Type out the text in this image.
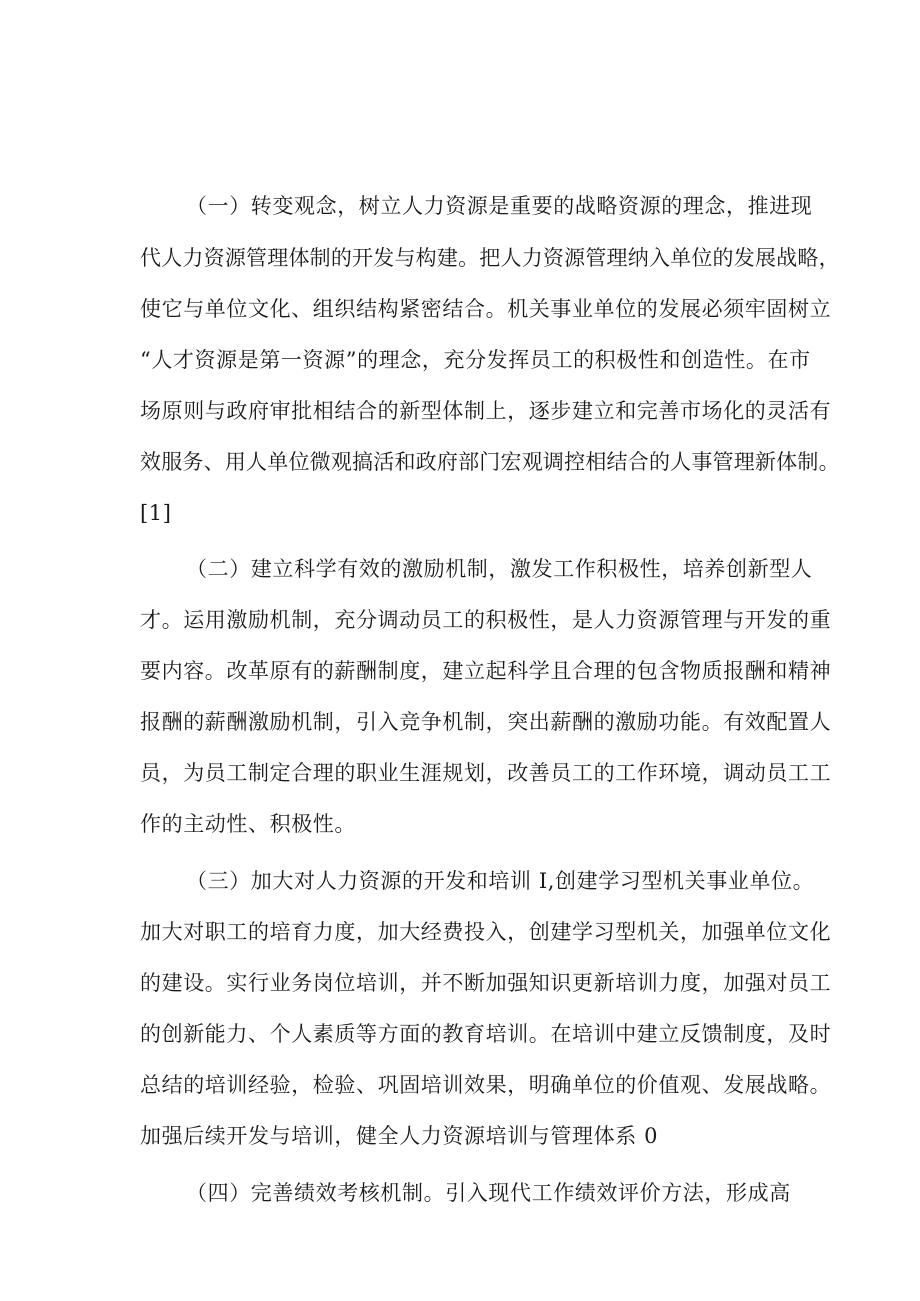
（一）转变观念，树立人力资源是重要的战略资源的理念，推进现
代人力资源管理体制的开发与构建。把人力资源管理纳入单位的发展战略，
使它与单位文化、组织结构紧密结合。机关事业单位的发展必须牢固树立
“人才资源是第一资源”的理念，充分发挥员工的积极性和创造性。在市
场原则与政府审批相结合的新型体制上，逐步建立和完善市场化的灵活有
效服务、用人单位微观搞活和政府部门宏观调控相结合的人事管理新体制。
[1]
（二）建立科学有效的激励机制，激发工作积极性，培养创新型人
才。运用激励机制，充分调动员工的积极性，是人力资源管理与开发的重
要内容。改革原有的薪酬制度，建立起科学且合理的包含物质报酬和精神
报酬的薪酬激励机制，引入竞争机制，突出薪酬的激励功能。有效配置人
员，为员工制定合理的职业生涯规划，改善员工的工作环境，调动员工工
作的主动性、积极性。
（三）加大对人力资源的开发和培训 I,创建学习型机关事业单位。
加大对职工的培育力度，加大经费投入，创建学习型机关，加强单位文化
的建设。实行业务岗位培训，并不断加强知识更新培训力度，加强对员工
的创新能力、个人素质等方面的教育培训。在培训中建立反馈制度，及时
总结的培训经验，检验、巩固培训效果，明确单位的价值观、发展战略。
加强后续开发与培训，健全人力资源培训与管理体系 0
（四）完善绩效考核机制。引入现代工作绩效评价方法，形成高
